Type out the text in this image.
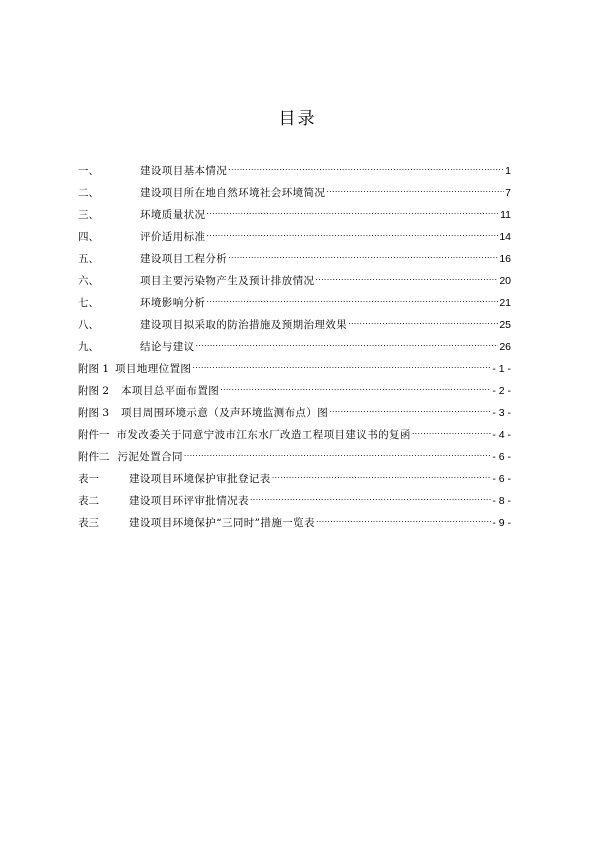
目录
一、	建设项目基本情况 .....	1
二、	建设项目所在地自然环境社会环境简况 .....	7
三、	环境质量状况 .....	11
四、	评价适用标准 .....	14
五、	建设项目工程分析 .....	16
六、	项目主要污染物产生及预计排放情况 .....	20
七、	环境影响分析 .....	21
八、	建设项目拟采取的防治措施及预期治理效果 .....	25
九、	结论与建议 .....	26
附图 1 项目地理位置图 .....	- 1 -
附图 2 本项目总平面布置图 .....	- 2 -
附图 3 项目周围环境示意（及声环境监测布点）图 .....	- 3 -
附件一 市发改委关于同意宁波市江东水厂改造工程项目建议书的复函 .....	- 4 -
附件二 污泥处置合同 .....	- 6 -
表一	建设项目环境保护审批登记表 .....	- 6 -
表二	建设项目环评审批情况表 .....	- 8 -
表三	建设项目环境保护“三同时”措施一览表 .....	- 9 -
